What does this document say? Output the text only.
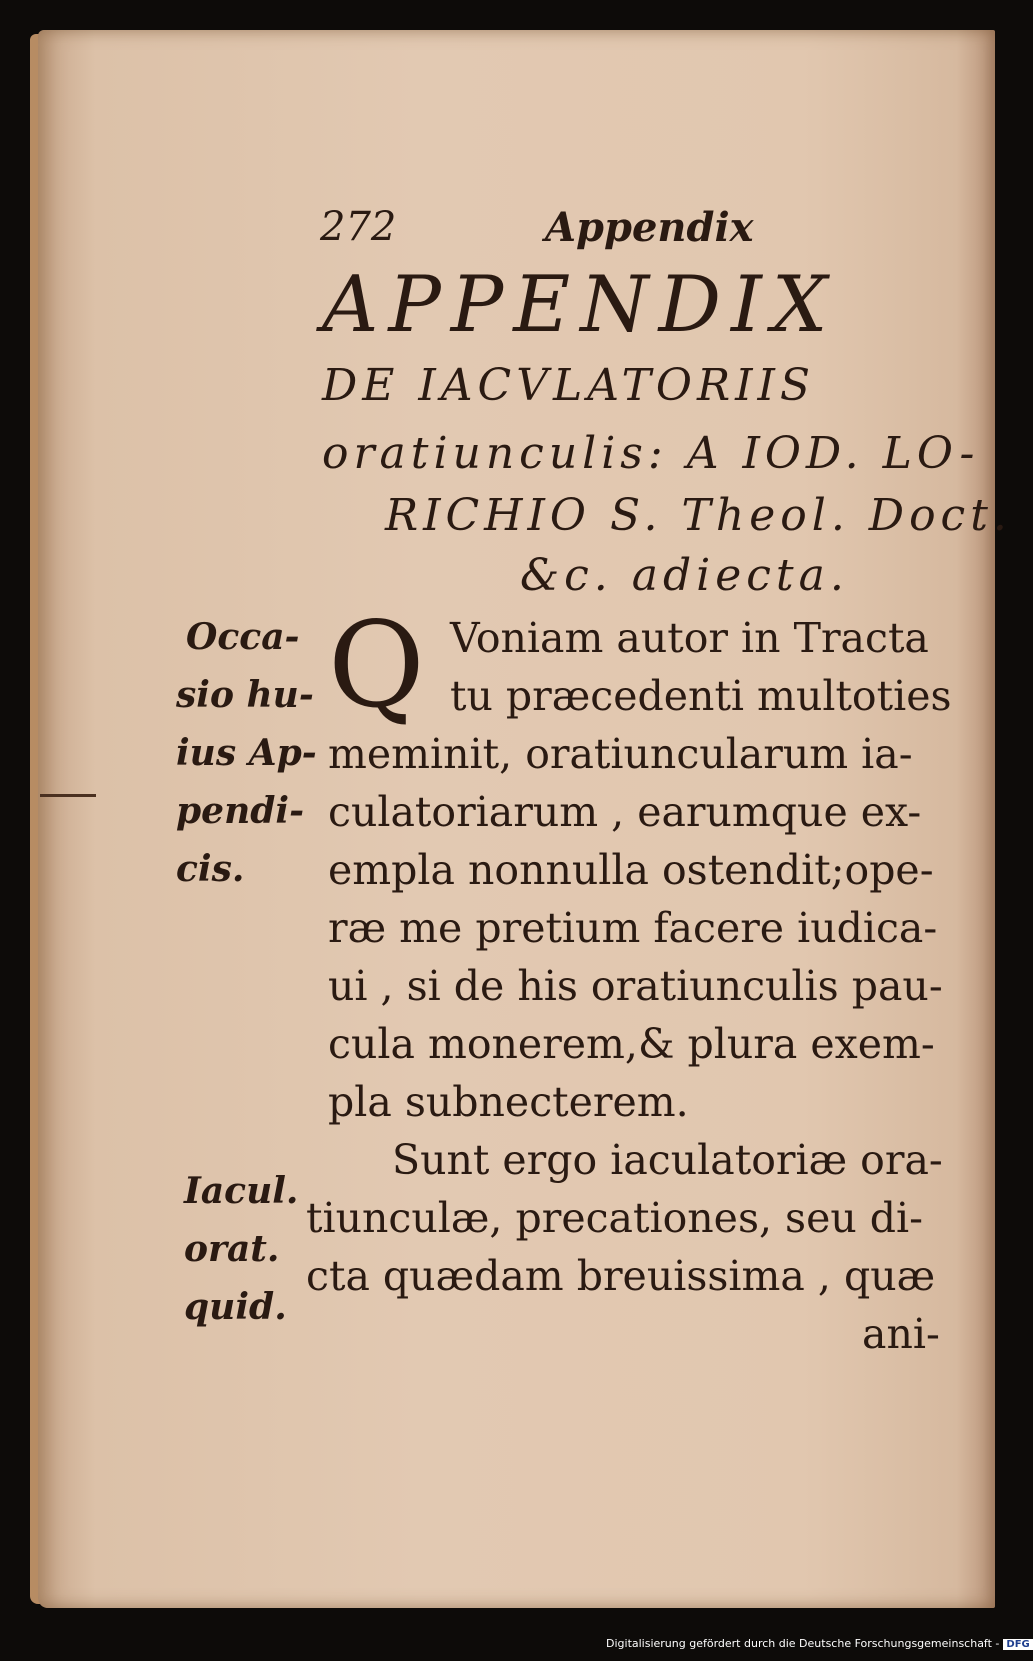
272	Appendix
APPENDIX
DE IACVLATORIIS
oratiunculis: A IOD. LO-
RICHIO S. Theol. Doct.
&c. adiecta.
Q Voniam autor in Tracta
tu præcedenti multoties
meminit, oratiuncularum ia-
culatoriarum , earumque ex-
empla nonnulla ostendit;ope-
ræ me pretium facere iudica-
ui , si de his oratiunculis pau-
cula monerem,& plura exem-
pla subnecterem.
Sunt ergo iaculatoriæ ora-
tiunculæ, precationes, seu di-
cta quædam breuissima , quæ
ani-
Occa-
sio hu-
ius Ap-
pendi-
cis.
Iacul.
orat.
quid.
Digitalisierung gefördert durch die Deutsche Forschungsgemeinschaft - DFG
